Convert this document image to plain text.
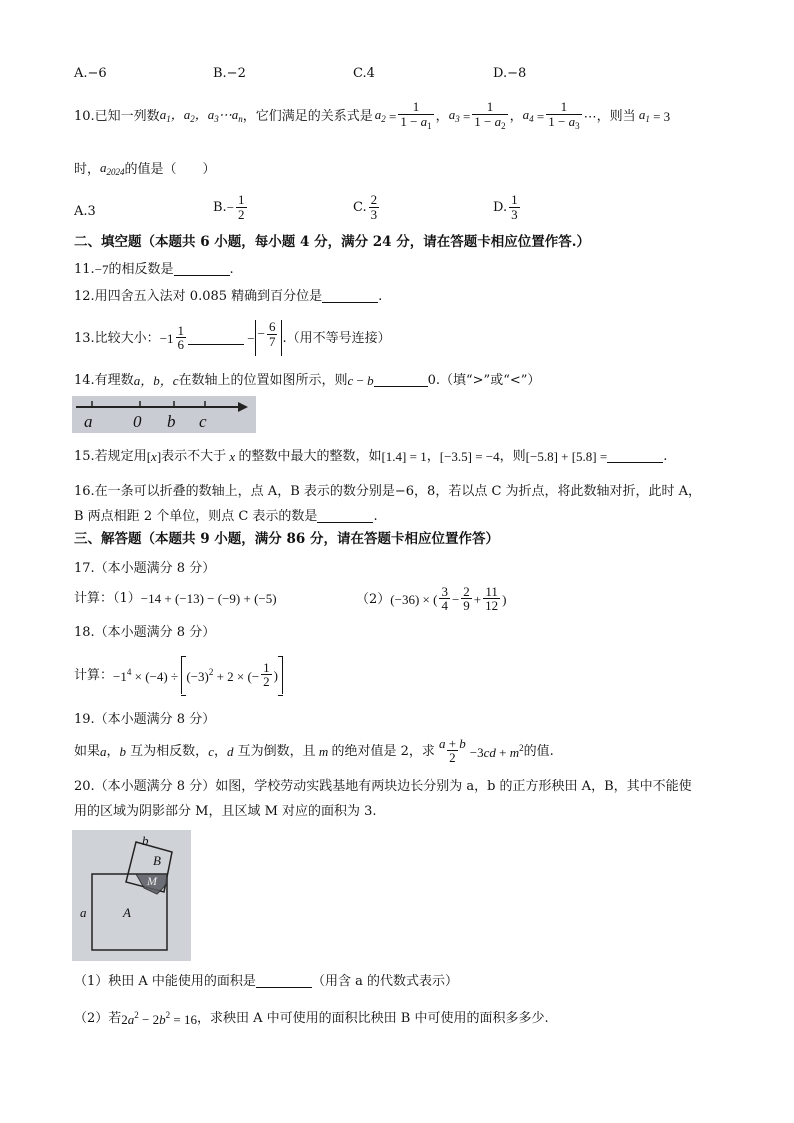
A.−6	B.−2	C.4	D.−8
10.已知一列数 $a_1$，$a_2$，$a_3\cdots a_n$ ，它们满足的关系式是 $a_2 = \frac{1}{1 - a_1}$ ， $a_3 = \frac{1}{1 - a_2}$ ， $a_4 = \frac{1}{1 - a_3}$ ⋯ ，则当 $a_1 = 3$
时， $a_{2024}$ 的值是（　　）
A.3	B. − $\frac{1}{2}$	C. $\frac{2}{3}$	D. $\frac{1}{3}$
二、填空题（本题共 6 小题，每小题 4 分，满分 24 分，请在答题卡相应位置作答.）
11. −7 的相反数是	.
12.用四舍五入法对 0.085 精确到百分位是	.
13.比较大小： $-1 \frac{1}{6}$	− − $\frac{6}{7}$ .（用不等号连接）
14.有理数 a，b，c 在数轴上的位置如图所示，则 c − b	0.（填“>”或“<”）
a 0 b c
15.若规定用 [ x ] 表示不大于 x 的整数中最大的整数，如 [1.4] = 1 ， [−3.5] = −4 ，则 [−5.8] + [5.8] =	.
16.在一条可以折叠的数轴上，点 A，B 表示的数分别是−6，8，若以点 C 为折点，将此数轴对折，此时 A，
B 两点相距 2 个单位，则点 C 表示的数是	.
三、解答题（本题共 9 小题，满分 86 分，请在答题卡相应位置作答）
17.（本小题满分 8 分）
计算：（1） −14 + (−13) − (−9) + (−5)	（2） (−36) × ( $\frac{3}{4} - \frac{2}{9} + \frac{11}{12}$ )
18.（本小题满分 8 分）
计算： $-1^4 \times (-4) \div (-3)^2 + 2$ × (− $\frac{1}{2}$ )
19.（本小题满分 8 分）
如果 a ， b
互为相反数， c ， d
互为倒数，且 m 的绝对值是 2，求 $\frac{a + b}{2} -3cd + m^2$ 的值.
20.（本小题满分 8 分）如图，学校劳动实践基地有两块边长分别为 a，b 的正方形秧田 A，B，其中不能使
用的区域为阴影部分 M，且区域 M 对应的面积为 3.
a
b
A
B
M
（1）秧田 A 中能使用的面积是	（用含 a 的代数式表示）
（2）若 $2a^2 - 2b^2 = 16$ ，求秧田 A 中可使用的面积比秧田 B 中可使用的面积多多少.
